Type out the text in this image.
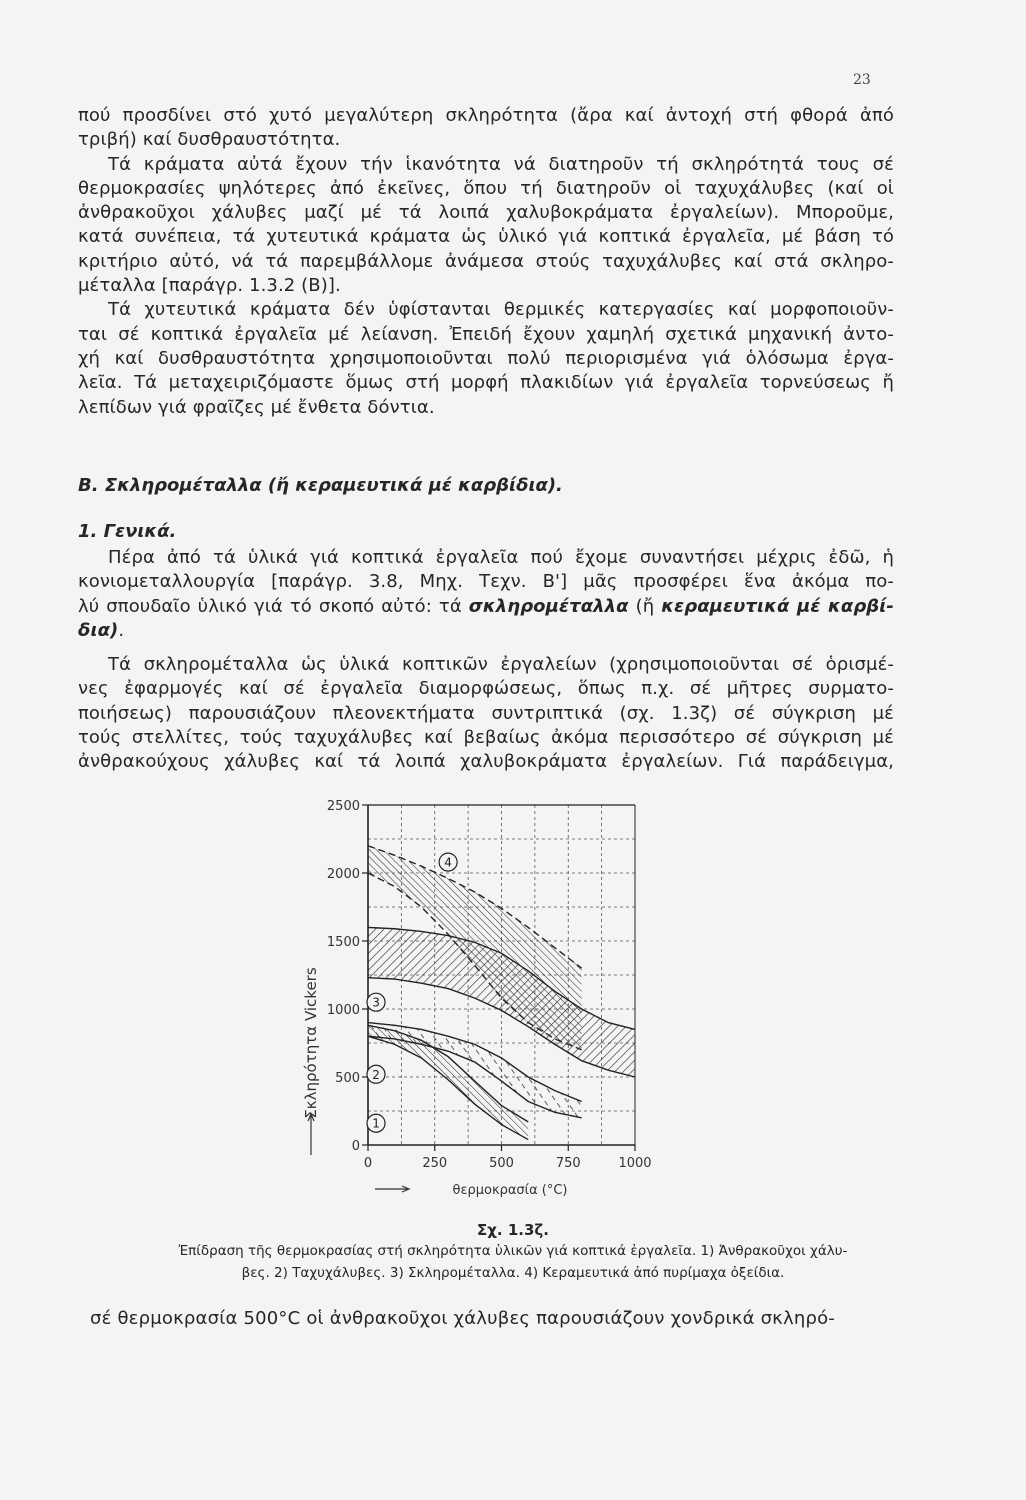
23
πού προσδίνει στό χυτό μεγαλύτερη σκληρότητα (ἄρα καί ἀντοχή στή φθορά ἀπό
τριβή) καί δυσθραυστότητα.
Τά κράματα αὐτά ἔχουν τήν ἱκανότητα νά διατηροῦν τή σκληρότητά τους σέ
θερμοκρασίες ψηλότερες ἀπό ἐκεῖνες, ὅπου τή διατηροῦν οἱ ταχυχάλυβες (καί οἱ
ἀνθρακοῦχοι χάλυβες μαζί μέ τά λοιπά χαλυβοκράματα ἐργαλείων). Μποροῦμε,
κατά συνέπεια, τά χυτευτικά κράματα ὡς ὑλικό γιά κοπτικά ἐργαλεῖα, μέ βάση τό
κριτήριο αὐτό, νά τά παρεμβάλλομε ἀνάμεσα στούς ταχυχάλυβες καί στά σκληρο-
μέταλλα [παράγρ. 1.3.2 (Β)].
Τά χυτευτικά κράματα δέν ὑφίστανται θερμικές κατεργασίες καί μορφοποιοῦν-
ται σέ κοπτικά ἐργαλεῖα μέ λείανση. Ἐπειδή ἔχουν χαμηλή σχετικά μηχανική ἀντο-
χή καί δυσθραυστότητα χρησιμοποιοῦνται πολύ περιορισμένα γιά ὁλόσωμα ἐργα-
λεῖα. Τά μεταχειριζόμαστε ὅμως στή μορφή πλακιδίων γιά ἐργαλεῖα τορνεύσεως ἤ
λεπίδων γιά φραῖζες μέ ἔνθετα δόντια.
Β. Σκληρομέταλλα (ἤ κεραμευτικά μέ καρβίδια).
1. Γενικά.
Πέρα ἀπό τά ὑλικά γιά κοπτικά ἐργαλεῖα πού ἔχομε συναντήσει μέχρις ἐδῶ, ἡ
κονιομεταλλουργία [παράγρ. 3.8, Μηχ. Τεχν. Β'] μᾶς προσφέρει ἕνα ἀκόμα πο-
λύ σπουδαῖο ὑλικό γιά τό σκοπό αὐτό: τά σκληρομέταλλα (ἤ κεραμευτικά μέ καρβί-
δια).
Τά σκληρομέταλλα ὡς ὑλικά κοπτικῶν ἐργαλείων (χρησιμοποιοῦνται σέ ὁρισμέ-
νες ἐφαρμογές καί σέ ἐργαλεῖα διαμορφώσεως, ὅπως π.χ. σέ μῆτρες συρματο-
ποιήσεως) παρουσιάζουν πλεονεκτήματα συντριπτικά (σχ. 1.3ζ) σέ σύγκριση μέ
τούς στελλίτες, τούς ταχυχάλυβες καί βεβαίως ἀκόμα περισσότερο σέ σύγκριση μέ
ἀνθρακούχους χάλυβες καί τά λοιπά χαλυβοκράματα ἐργαλείων. Γιά παράδειγμα,
0
500
1000
1500
2000
2500
0	250	500	750	1000
1
2
3
4
Σκληρότητα Vickers
θερμοκρασία (°C)
Σχ. 1.3ζ.
Ἐπίδραση τῆς θερμοκρασίας στή σκληρότητα ὑλικῶν γιά κοπτικά ἐργαλεῖα. 1) Ἀνθρακοῦχοι χάλυ-
βες. 2) Ταχυχάλυβες. 3) Σκληρομέταλλα. 4) Κεραμευτικά ἀπό πυρίμαχα ὀξείδια.
σέ θερμοκρασία 500°C οἱ ἀνθρακοῦχοι χάλυβες παρουσιάζουν χονδρικά σκληρό-
